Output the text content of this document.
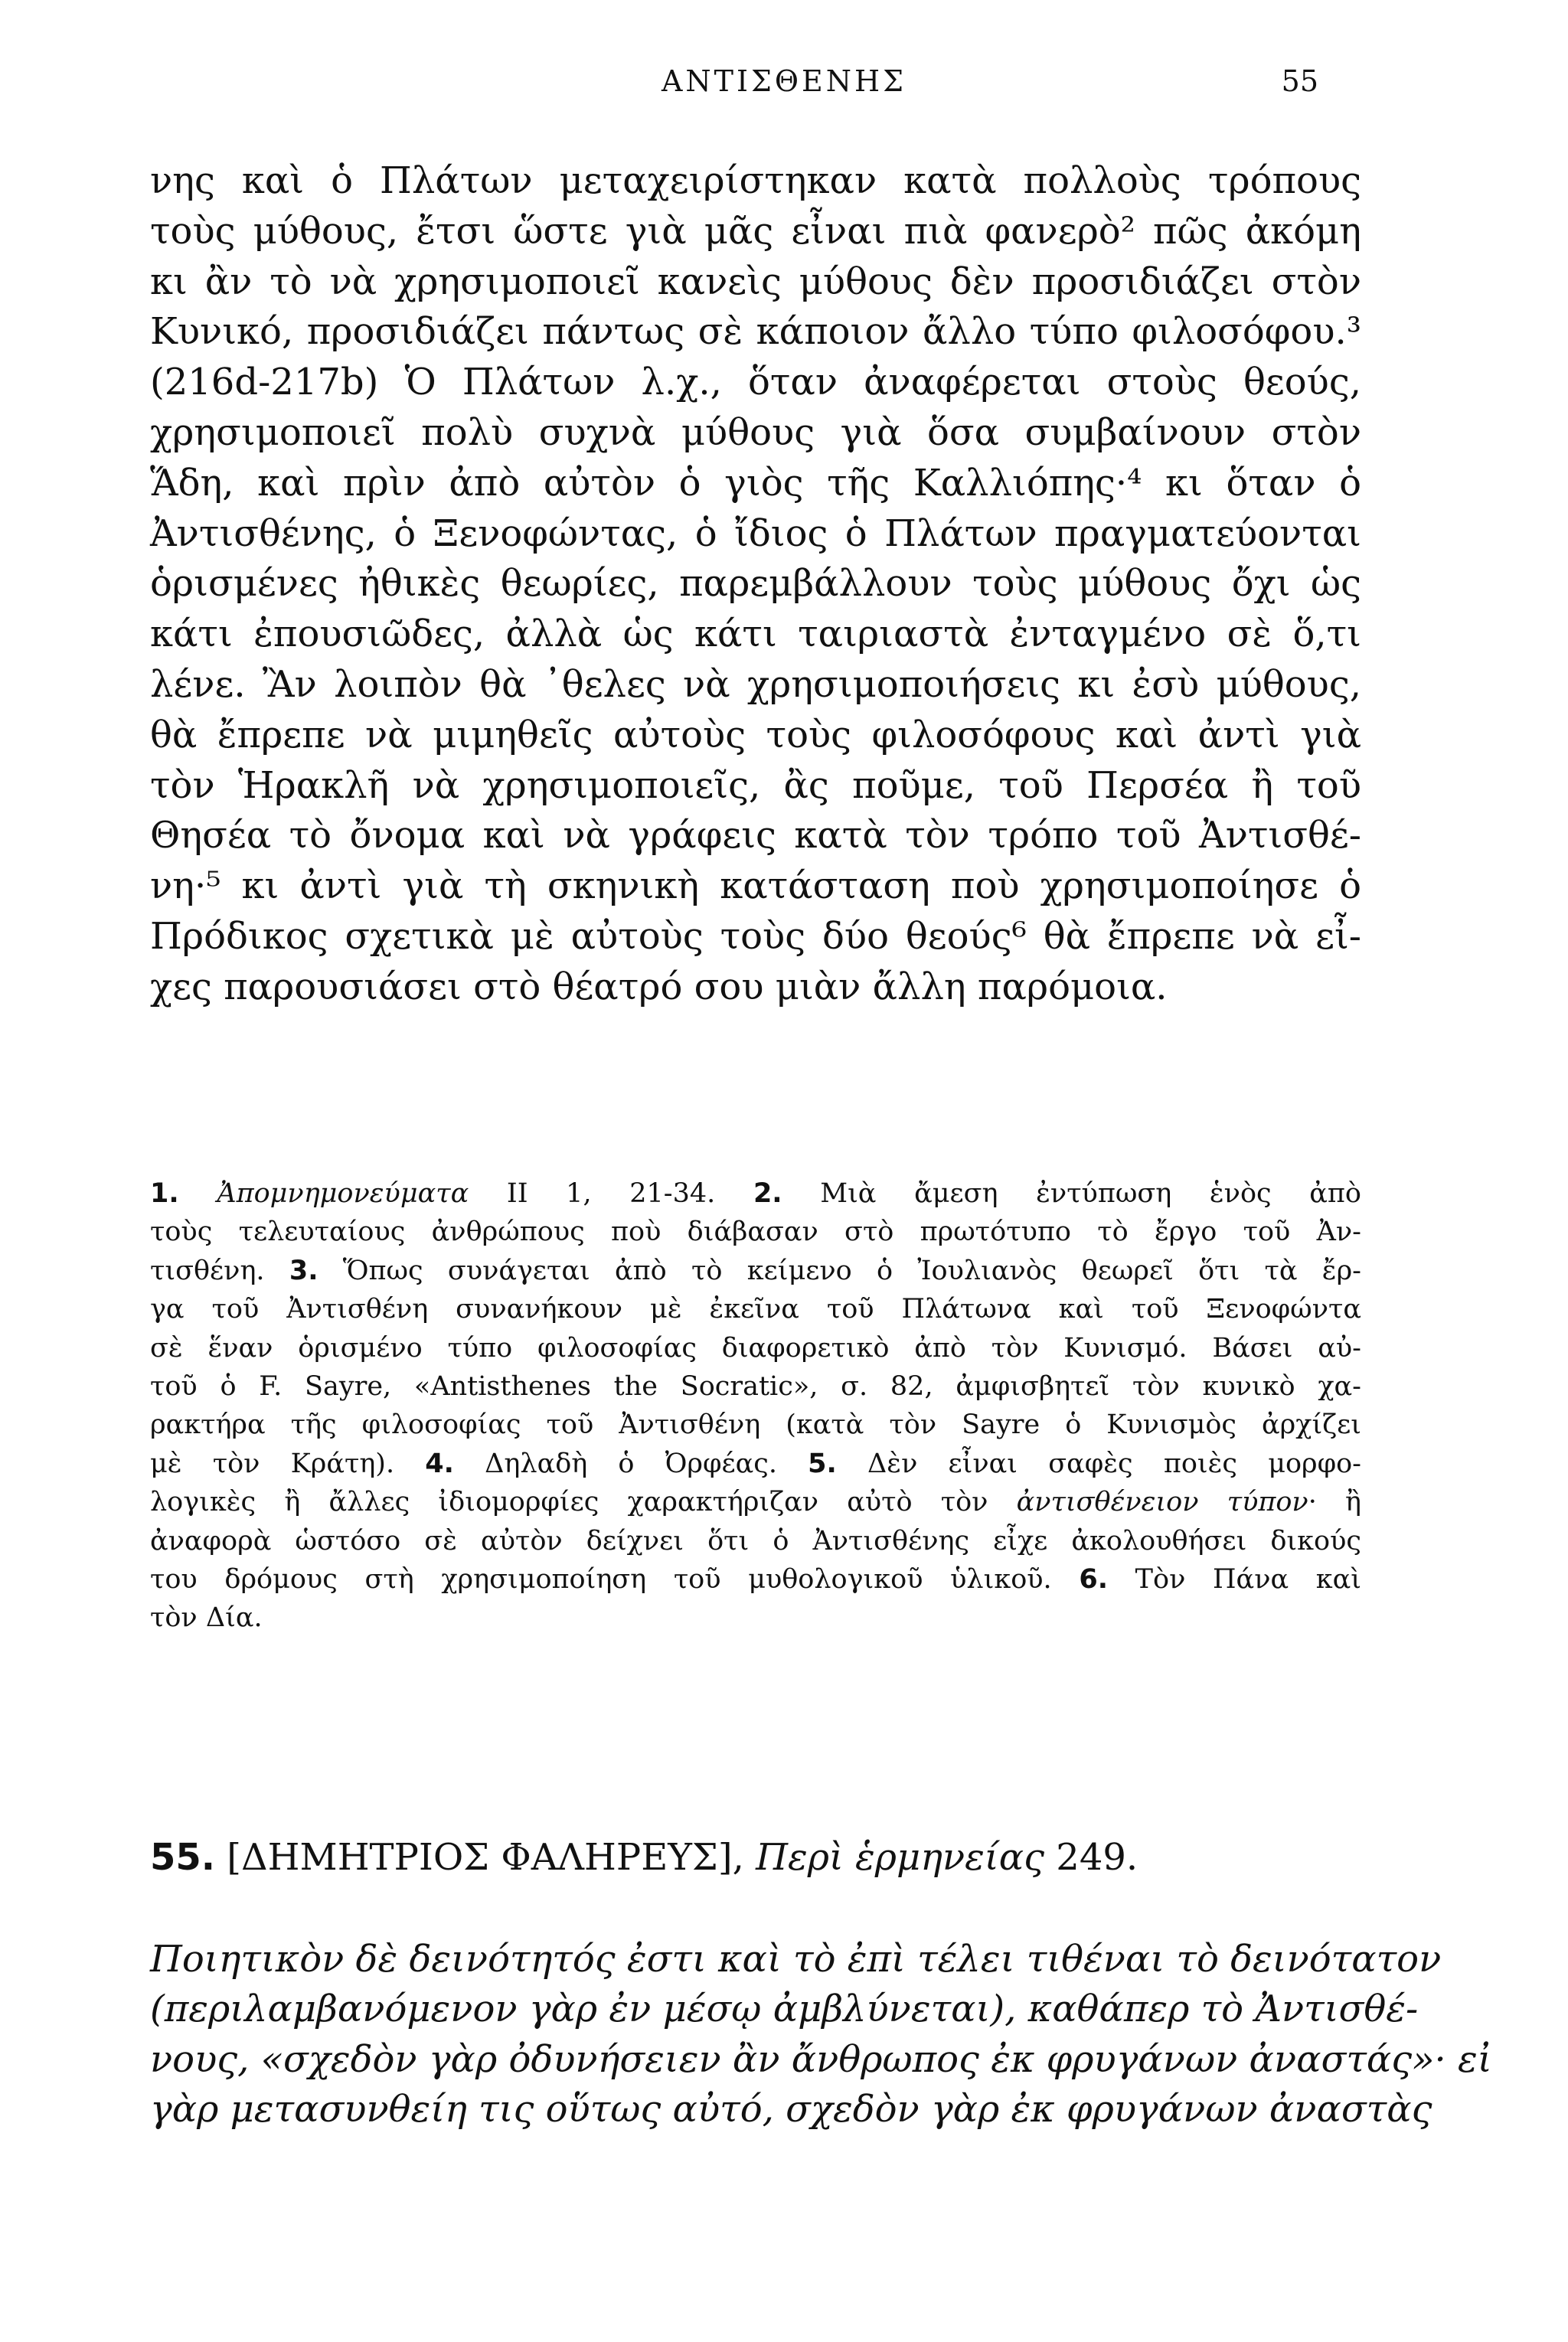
ΑΝΤΙΣΘΕΝΗΣ	55
νης καὶ ὁ Πλάτων μεταχειρίστηκαν κατὰ πολλοὺς τρόπους
τοὺς μύθους, ἔτσι ὥστε γιὰ μᾶς εἶναι πιὰ φανερὸ² πῶς ἀκόμη
κι ἂν τὸ νὰ χρησιμοποιεῖ κανεὶς μύθους δὲν προσιδιάζει στὸν
Κυνικό, προσιδιάζει πάντως σὲ κάποιον ἄλλο τύπο φιλοσόφου.³
(216d-217b) Ὁ Πλάτων λ.χ., ὅταν ἀναφέρεται στοὺς θεούς,
χρησιμοποιεῖ πολὺ συχνὰ μύθους γιὰ ὅσα συμβαίνουν στὸν
Ἅδη, καὶ πρὶν ἀπὸ αὐτὸν ὁ γιὸς τῆς Καλλιόπης·⁴ κι ὅταν ὁ
Ἀντισθένης, ὁ Ξενοφώντας, ὁ ἴδιος ὁ Πλάτων πραγματεύονται
ὁρισμένες ἠθικὲς θεωρίες, παρεμβάλλουν τοὺς μύθους ὄχι ὡς
κάτι ἐπουσιῶδες, ἀλλὰ ὡς κάτι ταιριαστὰ ἐνταγμένο σὲ ὅ,τι
λένε. Ἂν λοιπὸν θὰ ᾽θελες νὰ χρησιμοποιήσεις κι ἐσὺ μύθους,
θὰ ἔπρεπε νὰ μιμηθεῖς αὐτοὺς τοὺς φιλοσόφους καὶ ἀντὶ γιὰ
τὸν Ἡρακλῆ νὰ χρησιμοποιεῖς, ἂς ποῦμε, τοῦ Περσέα ἢ τοῦ
Θησέα τὸ ὄνομα καὶ νὰ γράφεις κατὰ τὸν τρόπο τοῦ Ἀντισθέ-
νη·⁵ κι ἀντὶ γιὰ τὴ σκηνικὴ κατάσταση ποὺ χρησιμοποίησε ὁ
Πρόδικος σχετικὰ μὲ αὐτοὺς τοὺς δύο θεούς⁶ θὰ ἔπρεπε νὰ εἶ-
χες παρουσιάσει στὸ θέατρό σου μιὰν ἄλλη παρόμοια.
1. Ἀπομνημονεύματα ΙΙ 1, 21-34. 2. Μιὰ ἄμεση ἐντύπωση ἑνὸς ἀπὸ
τοὺς τελευταίους ἀνθρώπους ποὺ διάβασαν στὸ πρωτότυπο τὸ ἔργο τοῦ Ἀν-
τισθένη. 3. Ὅπως συνάγεται ἀπὸ τὸ κείμενο ὁ Ἰουλιανὸς θεωρεῖ ὅτι τὰ ἔρ-
γα τοῦ Ἀντισθένη συνανήκουν μὲ ἐκεῖνα τοῦ Πλάτωνα καὶ τοῦ Ξενοφώντα
σὲ ἕναν ὁρισμένο τύπο φιλοσοφίας διαφορετικὸ ἀπὸ τὸν Κυνισμό. Βάσει αὐ-
τοῦ ὁ F. Sayre, «Antisthenes the Socratic», σ. 82, ἀμφισβητεῖ τὸν κυνικὸ χα-
ρακτήρα τῆς φιλοσοφίας τοῦ Ἀντισθένη (κατὰ τὸν Sayre ὁ Κυνισμὸς ἀρχίζει
μὲ τὸν Κράτη). 4. Δηλαδὴ ὁ Ὀρφέας. 5. Δὲν εἶναι σαφὲς ποιὲς μορφο-
λογικὲς ἢ ἄλλες ἰδιομορφίες χαρακτήριζαν αὐτὸ τὸν ἀντισθένειον τύπον· ἢ
ἀναφορὰ ὡστόσο σὲ αὐτὸν δείχνει ὅτι ὁ Ἀντισθένης εἶχε ἀκολουθήσει δικούς
του δρόμους στὴ χρησιμοποίηση τοῦ μυθολογικοῦ ὑλικοῦ. 6. Τὸν Πάνα καὶ
τὸν Δία.
55. [ΔΗΜΗΤΡΙΟΣ ΦΑΛΗΡΕΥΣ], Περὶ ἑρμηνείας 249.
Ποιητικὸν δὲ δεινότητός ἐστι καὶ τὸ ἐπὶ τέλει τιθέναι τὸ δεινότατον
(περιλαμβανόμενον γὰρ ἐν μέσῳ ἀμβλύνεται), καθάπερ τὸ Ἀντισθέ-
νους, «σχεδὸν γὰρ ὀδυνήσειεν ἂν ἄνθρωπος ἐκ φρυγάνων ἀναστάς»· εἰ
γὰρ μετασυνθείη τις οὕτως αὐτό, σχεδὸν γὰρ ἐκ φρυγάνων ἀναστὰς
